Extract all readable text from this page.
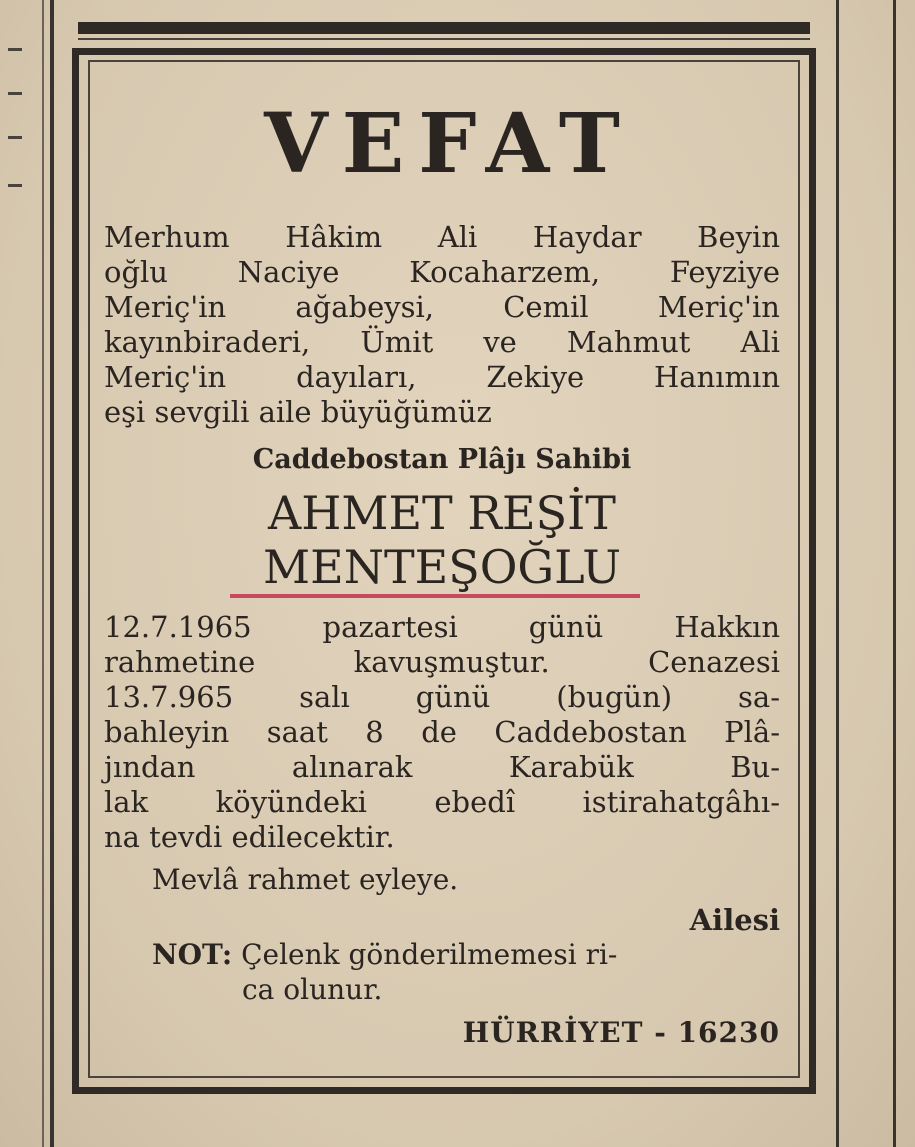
VEFAT

Merhum Hâkim Ali Haydar Beyin
oğlu Naciye Kocaharzem, Feyziye
Meriç'in ağabeysi, Cemil Meriç'in
kayınbiraderi, Ümit ve Mahmut Ali
Meriç'in dayıları, Zekiye Hanımın
eşi sevgili aile büyüğümüz

Caddebostan Plâjı Sahibi
AHMET REŞİT
MENTEŞOĞLU

12.7.1965 pazartesi günü Hakkın
rahmetine kavuşmuştur. Cenazesi
13.7.965 salı günü (bugün) sa-
bahleyin saat 8 de Caddebostan Plâ-
jından alınarak Karabük Bu-
lak köyündeki ebedî istirahatgâhı-
na tevdi edilecektir.

Mevlâ rahmet eyleye.
Ailesi
NOT: Çelenk gönderilmemesi ri-
ca olunur.
HÜRRİYET - 16230
